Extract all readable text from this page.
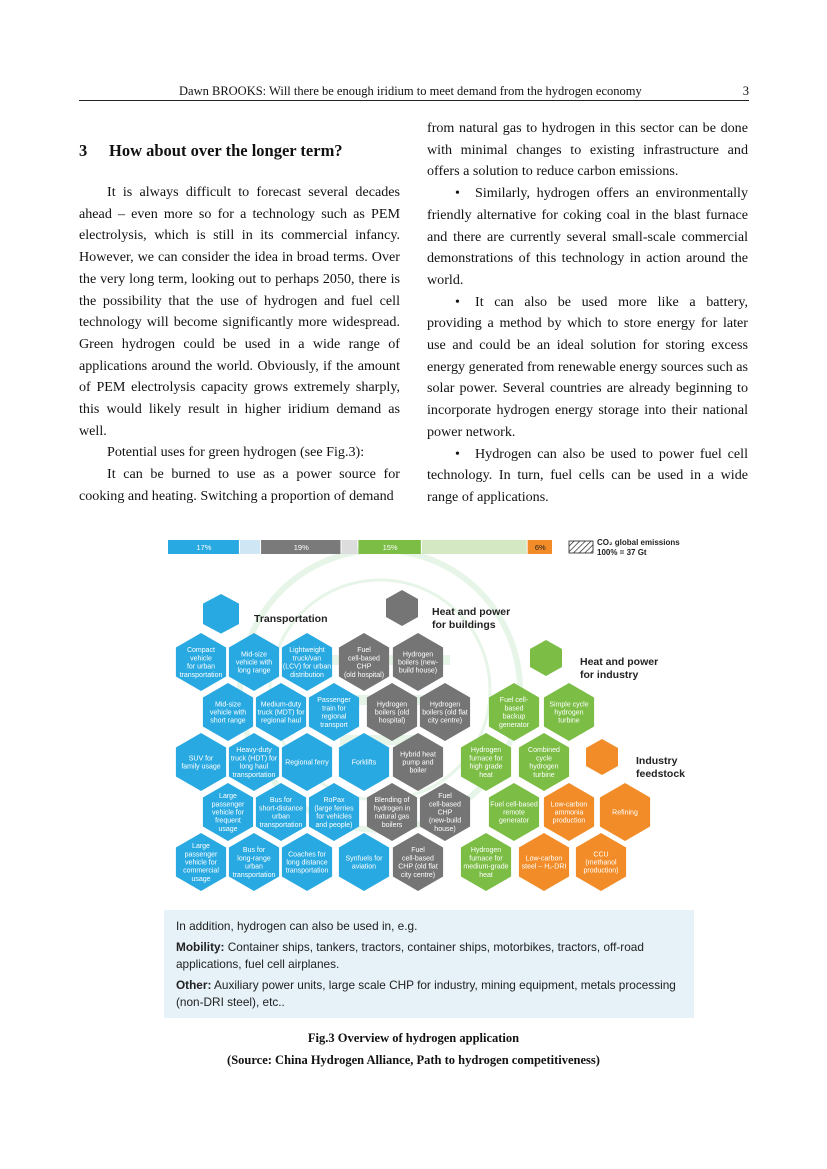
Dawn BROOKS: Will there be enough iridium to meet demand from the hydrogen economy	3
3 How about over the longer term?

It is always difficult to forecast several decades ahead – even more so for a technology such as PEM electrolysis, which is still in its commercial infancy. However, we can consider the idea in broad terms. Over the very long term, looking out to perhaps 2050, there is the possibility that the use of hydrogen and fuel cell technology will become significantly more widespread. Green hydrogen could be used in a wide range of applications around the world. Obviously, if the amount of PEM electrolysis capacity grows extremely sharply, this would likely result in higher iridium demand as well.

Potential uses for green hydrogen (see Fig.3):

It can be burned to use as a power source for cooking and heating. Switching a proportion of demand

from natural gas to hydrogen in this sector can be done with minimal changes to existing infrastructure and offers a solution to reduce carbon emissions.

• Similarly, hydrogen offers an environmentally friendly alternative for coking coal in the blast furnace and there are currently several small-scale commercial demonstrations of this technology in action around the world.

• It can also be used more like a battery, providing a method by which to store energy for later use and could be an ideal solution for storing excess energy generated from renewable energy sources such as solar power. Several countries are already beginning to incorporate hydrogen energy storage into their national power network.

• Hydrogen can also be used to power fuel cell technology. In turn, fuel cells can be used in a wide range of applications.

17%	19%	15%	6%
CO₂ global emissions
100% = 37 Gt
Transportation
Heat and power
for buildings
Heat and power
for industry
Industry
feedstock
Compact
vehicle
for urban
transportation
Mid-size
vehicle with
long range
Lightweight
truck/van
(LCV) for urban
distribution
Fuel
cell-based
CHP
(old hospital)
Hydrogen
boilers (new-
build house)
Mid-size
vehicle with
short range
Medium-duty
truck (MDT) for
regional haul
Passenger
train for
regional
transport
Hydrogen
boilers (old
hospital)
Hydrogen
boilers (old flat
city centre)
Fuel cell-
based
backup
generator
Simple cycle
hydrogen
turbine
SUV for
family usage
Heavy-duty
truck (HDT) for
long haul
transportation
Regional ferry	Forklifts
Hybrid heat
pump and
boiler
Hydrogen
furnace for
high grade
heat
Combined
cycle
hydrogen
turbine
Large
passenger
vehicle for
frequent
usage
Bus for
short-distance
urban
transportation
RoPax
(large ferries
for vehicles
and people)
Blending of
hydrogen in
natural gas
boilers
Fuel
cell-based
CHP
(new-build
house)
Fuel cell-based
remote
generator
Low-carbon
ammonia
production
Refining
Large
passenger
vehicle for
commercial
usage
Bus for
long-range
urban
transportation
Coaches for
long distance
transportation
Synfuels for
aviation
Fuel
cell-based
CHP (old flat
city centre)
Hydrogen
furnace for
medium-grade
heat
Low-carbon
steel – H₂-DRI
CCU
(methanol
production)

In addition, hydrogen can also be used in, e.g.

Mobility: Container ships, tankers, tractors, container ships, motorbikes, tractors, off-road applications, fuel cell airplanes.

Other: Auxiliary power units, large scale CHP for industry, mining equipment, metals processing (non-DRI steel), etc..

Fig.3 Overview of hydrogen application
(Source: China Hydrogen Alliance, Path to hydrogen competitiveness)
